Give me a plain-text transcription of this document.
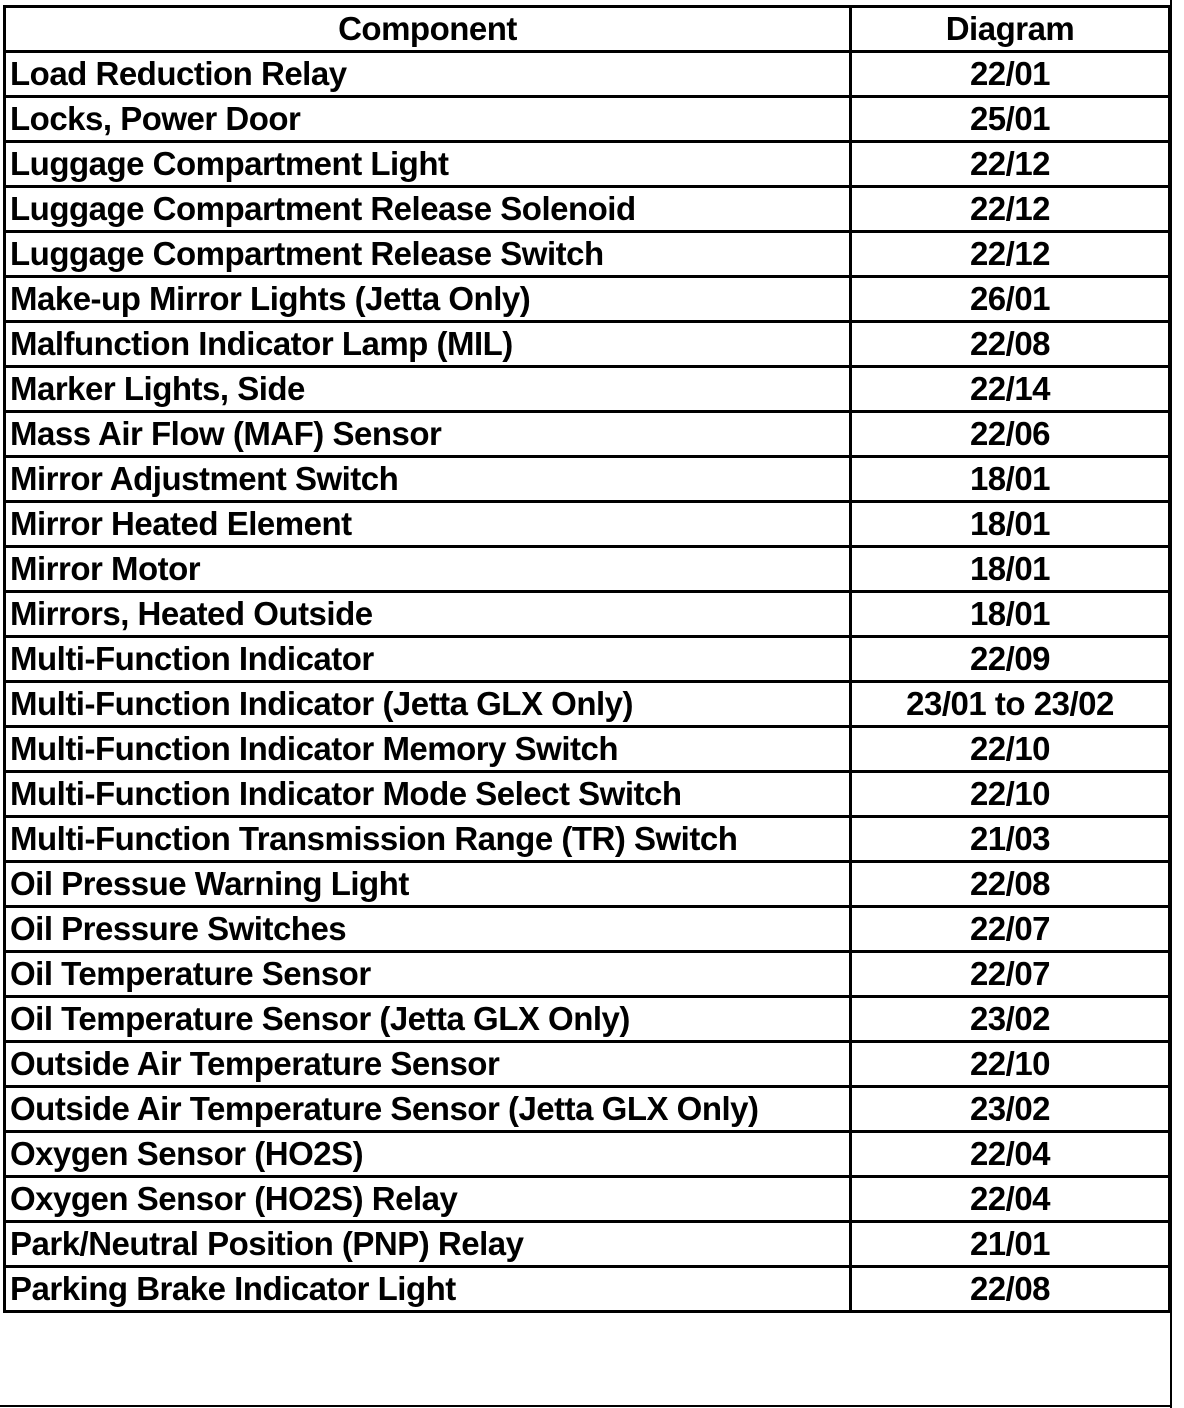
Component	Diagram
Load Reduction Relay	22/01
Locks, Power Door	25/01
Luggage Compartment Light	22/12
Luggage Compartment Release Solenoid	22/12
Luggage Compartment Release Switch	22/12
Make-up Mirror Lights (Jetta Only)	26/01
Malfunction Indicator Lamp (MIL)	22/08
Marker Lights, Side	22/14
Mass Air Flow (MAF) Sensor	22/06
Mirror Adjustment Switch	18/01
Mirror Heated Element	18/01
Mirror Motor	18/01
Mirrors, Heated Outside	18/01
Multi-Function Indicator	22/09
Multi-Function Indicator (Jetta GLX Only)	23/01 to 23/02
Multi-Function Indicator Memory Switch	22/10
Multi-Function Indicator Mode Select Switch	22/10
Multi-Function Transmission Range (TR) Switch	21/03
Oil Pressue Warning Light	22/08
Oil Pressure Switches	22/07
Oil Temperature Sensor	22/07
Oil Temperature Sensor (Jetta GLX Only)	23/02
Outside Air Temperature Sensor	22/10
Outside Air Temperature Sensor (Jetta GLX Only)	23/02
Oxygen Sensor (HO2S)	22/04
Oxygen Sensor (HO2S) Relay	22/04
Park/Neutral Position (PNP) Relay	21/01
Parking Brake Indicator Light	22/08
